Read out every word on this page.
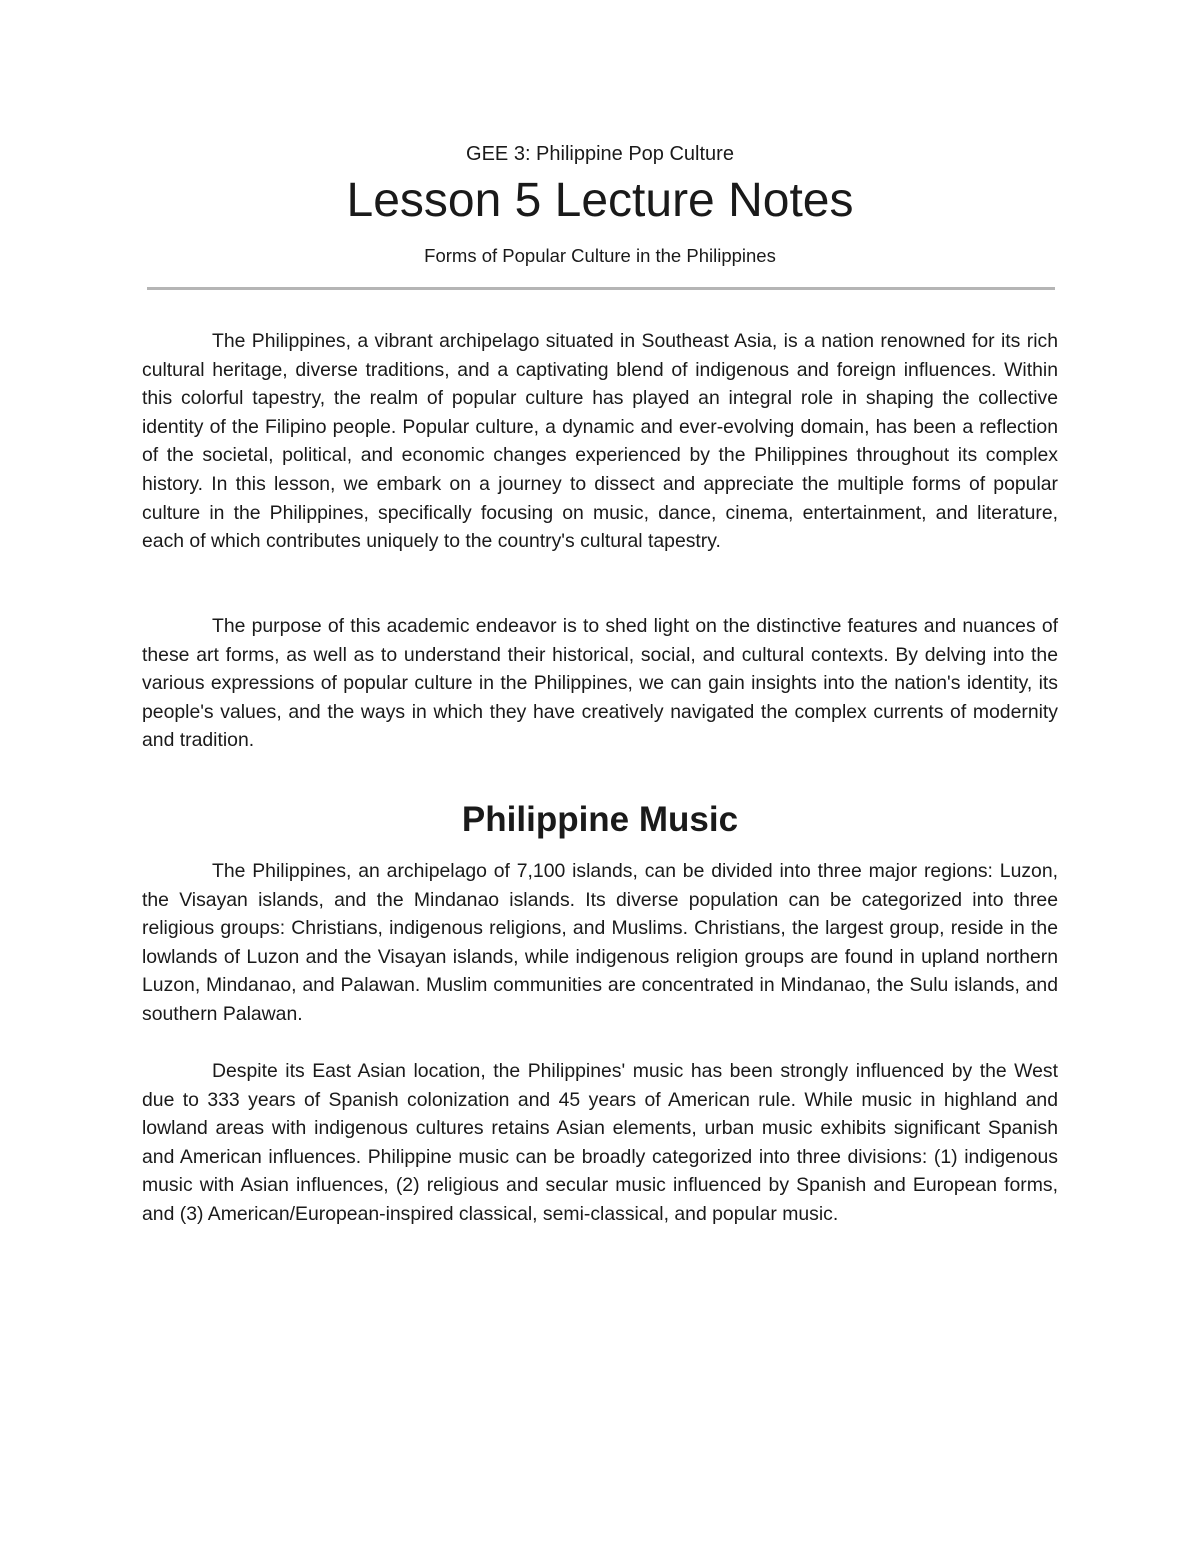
GEE 3: Philippine Pop Culture
Lesson 5 Lecture Notes
Forms of Popular Culture in the Philippines

The Philippines, a vibrant archipelago situated in Southeast Asia, is a nation renowned for its rich cultural heritage, diverse traditions, and a captivating blend of indigenous and foreign influences. Within this colorful tapestry, the realm of popular culture has played an integral role in shaping the collective identity of the Filipino people. Popular culture, a dynamic and ever-evolving domain, has been a reflection of the societal, political, and economic changes experienced by the Philippines throughout its complex history. In this lesson, we embark on a journey to dissect and appreciate the multiple forms of popular culture in the Philippines, specifically focusing on music, dance, cinema, entertainment, and literature, each of which contributes uniquely to the country's cultural tapestry.

The purpose of this academic endeavor is to shed light on the distinctive features and nuances of these art forms, as well as to understand their historical, social, and cultural contexts. By delving into the various expressions of popular culture in the Philippines, we can gain insights into the nation's identity, its people's values, and the ways in which they have creatively navigated the complex currents of modernity and tradition.

Philippine Music

The Philippines, an archipelago of 7,100 islands, can be divided into three major regions: Luzon, the Visayan islands, and the Mindanao islands. Its diverse population can be categorized into three religious groups: Christians, indigenous religions, and Muslims. Christians, the largest group, reside in the lowlands of Luzon and the Visayan islands, while indigenous religion groups are found in upland northern Luzon, Mindanao, and Palawan. Muslim communities are concentrated in Mindanao, the Sulu islands, and southern Palawan.

Despite its East Asian location, the Philippines' music has been strongly influenced by the West due to 333 years of Spanish colonization and 45 years of American rule. While music in highland and lowland areas with indigenous cultures retains Asian elements, urban music exhibits significant Spanish and American influences. Philippine music can be broadly categorized into three divisions: (1) indigenous music with Asian influences, (2) religious and secular music influenced by Spanish and European forms, and (3) American/European-inspired classical, semi-classical, and popular music.
